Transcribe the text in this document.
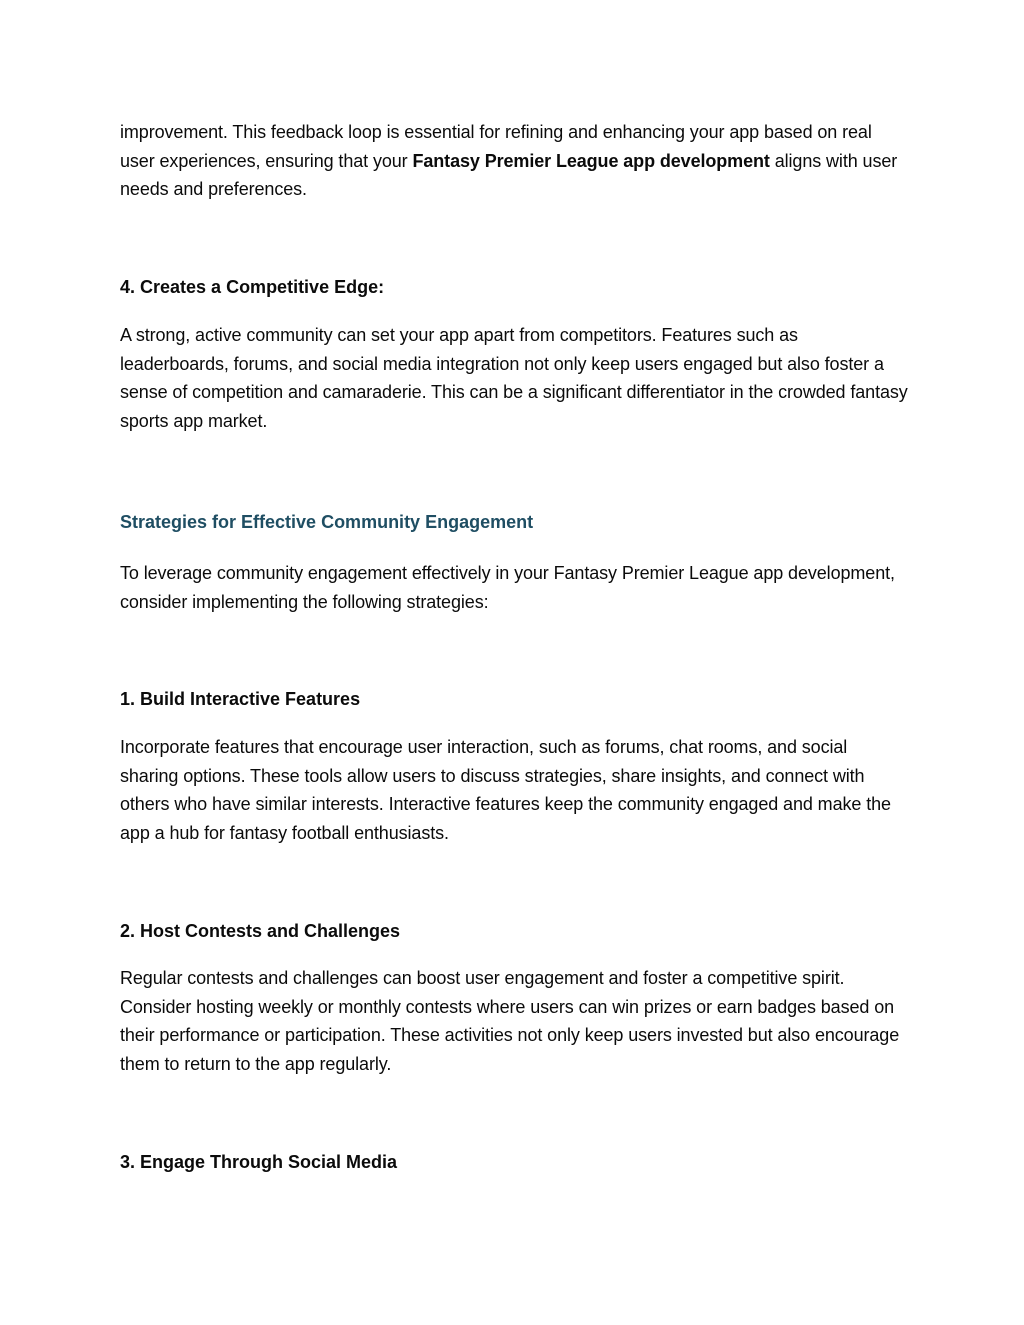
improvement. This feedback loop is essential for refining and enhancing your app based on real user experiences, ensuring that your Fantasy Premier League app development aligns with user needs and preferences.

4. Creates a Competitive Edge:

A strong, active community can set your app apart from competitors. Features such as leaderboards, forums, and social media integration not only keep users engaged but also foster a sense of competition and camaraderie. This can be a significant differentiator in the crowded fantasy sports app market.

Strategies for Effective Community Engagement

To leverage community engagement effectively in your Fantasy Premier League app development, consider implementing the following strategies:

1. Build Interactive Features

Incorporate features that encourage user interaction, such as forums, chat rooms, and social sharing options. These tools allow users to discuss strategies, share insights, and connect with others who have similar interests. Interactive features keep the community engaged and make the app a hub for fantasy football enthusiasts.

2. Host Contests and Challenges

Regular contests and challenges can boost user engagement and foster a competitive spirit. Consider hosting weekly or monthly contests where users can win prizes or earn badges based on their performance or participation. These activities not only keep users invested but also encourage them to return to the app regularly.

3. Engage Through Social Media
